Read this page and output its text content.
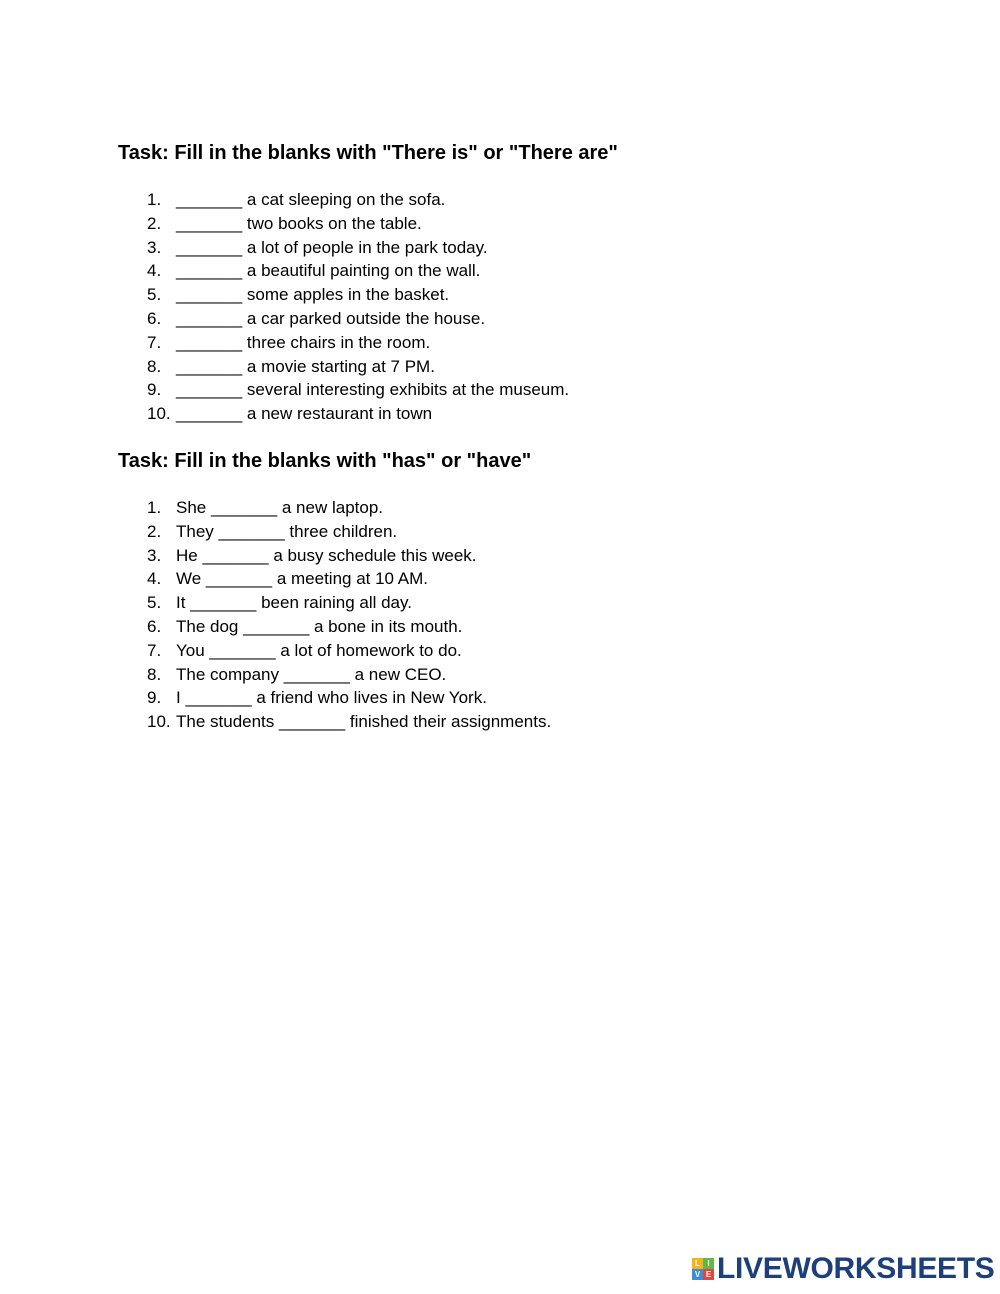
Task: Fill in the blanks with "There is" or "There are"
1. _______ a cat sleeping on the sofa.
2. _______ two books on the table.
3. _______ a lot of people in the park today.
4. _______ a beautiful painting on the wall.
5. _______ some apples in the basket.
6. _______ a car parked outside the house.
7. _______ three chairs in the room.
8. _______ a movie starting at 7 PM.
9. _______ several interesting exhibits at the museum.
10. _______ a new restaurant in town
Task: Fill in the blanks with "has" or "have"
1. She _______ a new laptop.
2. They _______ three children.
3. He _______ a busy schedule this week.
4. We _______ a meeting at 10 AM.
5. It _______ been raining all day.
6. The dog _______ a bone in its mouth.
7. You _______ a lot of homework to do.
8. The company _______ a new CEO.
9. I _______ a friend who lives in New York.
10. The students _______ finished their assignments.
L I
V E LIVEWORKSHEETS
